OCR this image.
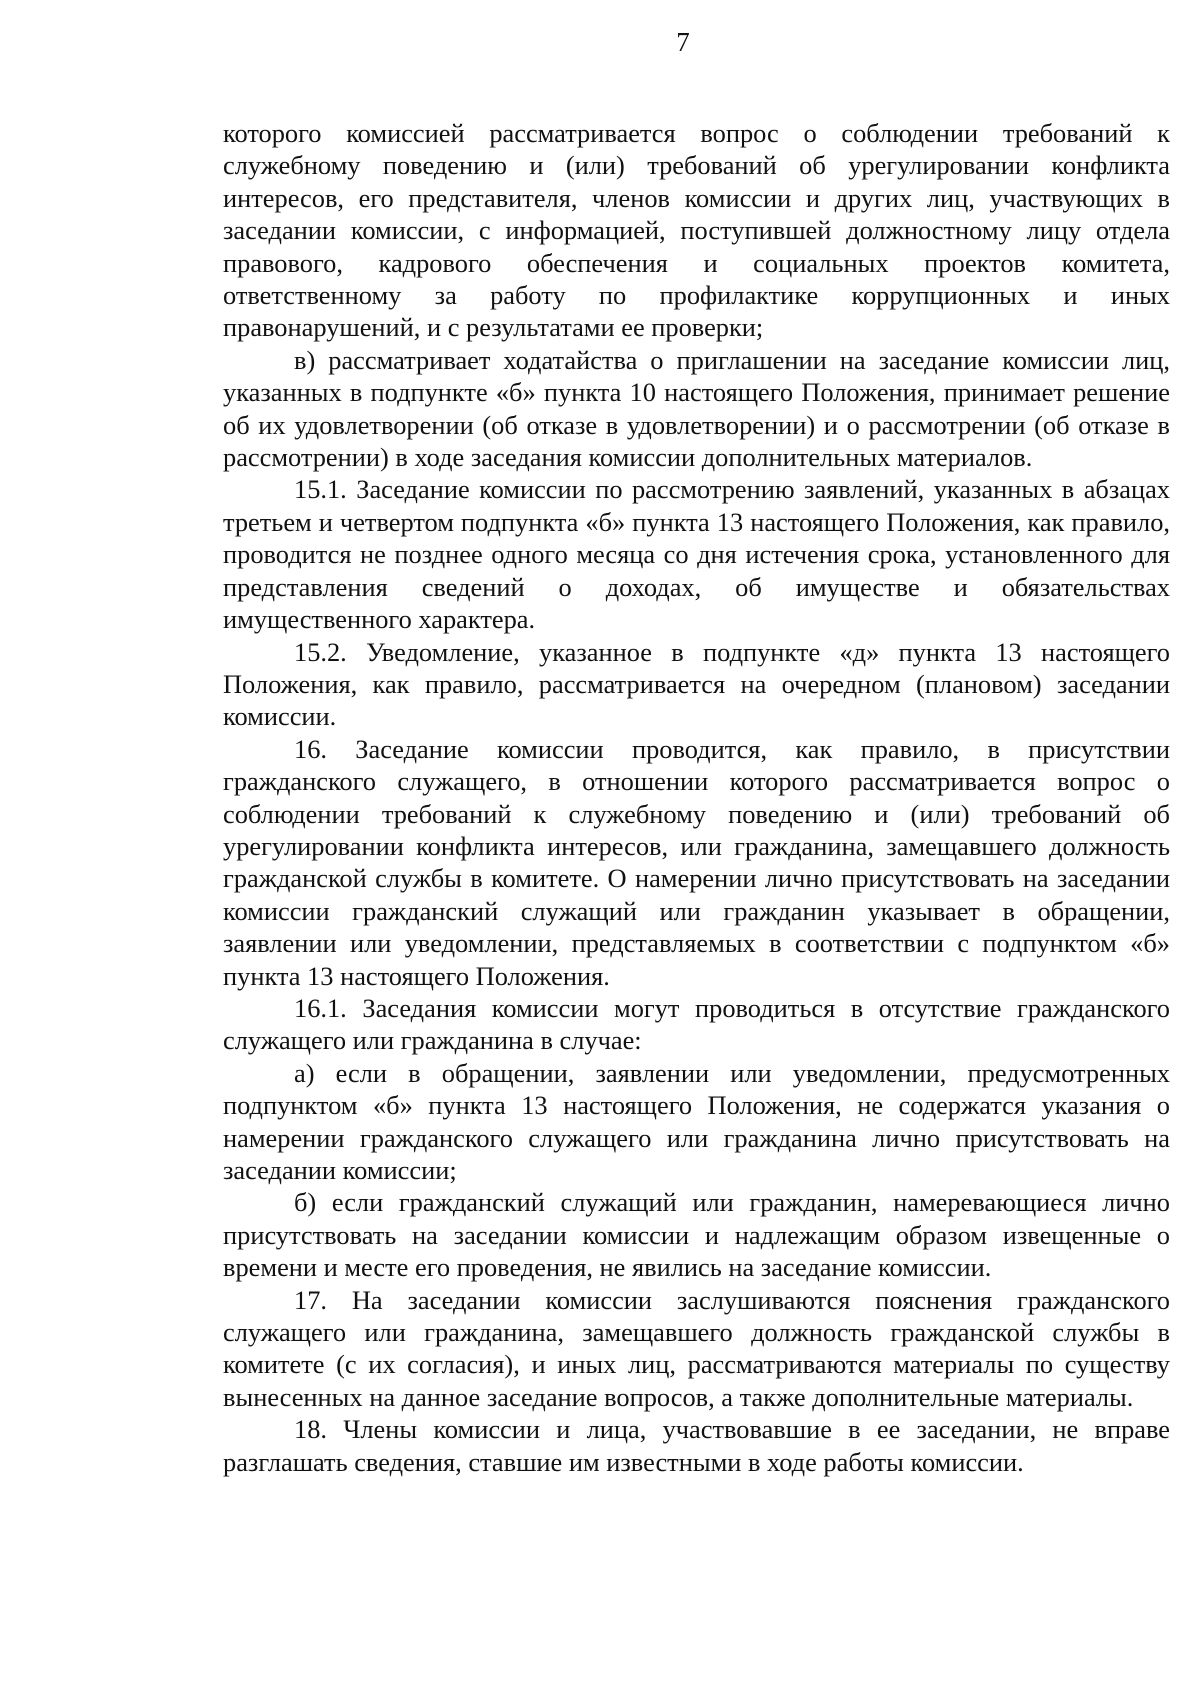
7

которого комиссией рассматривается вопрос о соблюдении требований к служебному поведению и (или) требований об урегулировании конфликта интересов, его представителя, членов комиссии и других лиц, участвующих в заседании комиссии, с информацией, поступившей должностному лицу отдела правового, кадрового обеспечения и социальных проектов комитета, ответственному за работу по профилактике коррупционных и иных правонарушений, и с результатами ее проверки;

в) рассматривает ходатайства о приглашении на заседание комиссии лиц, указанных в подпункте «б» пункта 10 настоящего Положения, принимает решение об их удовлетворении (об отказе в удовлетворении) и о рассмотрении (об отказе в рассмотрении) в ходе заседания комиссии дополнительных материалов.

15.1. Заседание комиссии по рассмотрению заявлений, указанных в абзацах третьем и четвертом подпункта «б» пункта 13 настоящего Положения, как правило, проводится не позднее одного месяца со дня истечения срока, установленного для представления сведений о доходах, об имуществе и обязательствах имущественного характера.

15.2. Уведомление, указанное в подпункте «д» пункта 13 настоящего Положения, как правило, рассматривается на очередном (плановом) заседании комиссии.

16. Заседание комиссии проводится, как правило, в присутствии гражданского служащего, в отношении которого рассматривается вопрос о соблюдении требований к служебному поведению и (или) требований об урегулировании конфликта интересов, или гражданина, замещавшего должность гражданской службы в комитете. О намерении лично присутствовать на заседании комиссии гражданский служащий или гражданин указывает в обращении, заявлении или уведомлении, представляемых в соответствии с подпунктом «б» пункта 13 настоящего Положения.

16.1. Заседания комиссии могут проводиться в отсутствие гражданского служащего или гражданина в случае:

а) если в обращении, заявлении или уведомлении, предусмотренных подпунктом «б» пункта 13 настоящего Положения, не содержатся указания о намерении гражданского служащего или гражданина лично присутствовать на заседании комиссии;

б) если гражданский служащий или гражданин, намеревающиеся лично присутствовать на заседании комиссии и надлежащим образом извещенные о времени и месте его проведения, не явились на заседание комиссии.

17. На заседании комиссии заслушиваются пояснения гражданского служащего или гражданина, замещавшего должность гражданской службы в комитете (с их согласия), и иных лиц, рассматриваются материалы по существу вынесенных на данное заседание вопросов, а также дополнительные материалы.

18. Члены комиссии и лица, участвовавшие в ее заседании, не вправе разглашать сведения, ставшие им известными в ходе работы комиссии.
